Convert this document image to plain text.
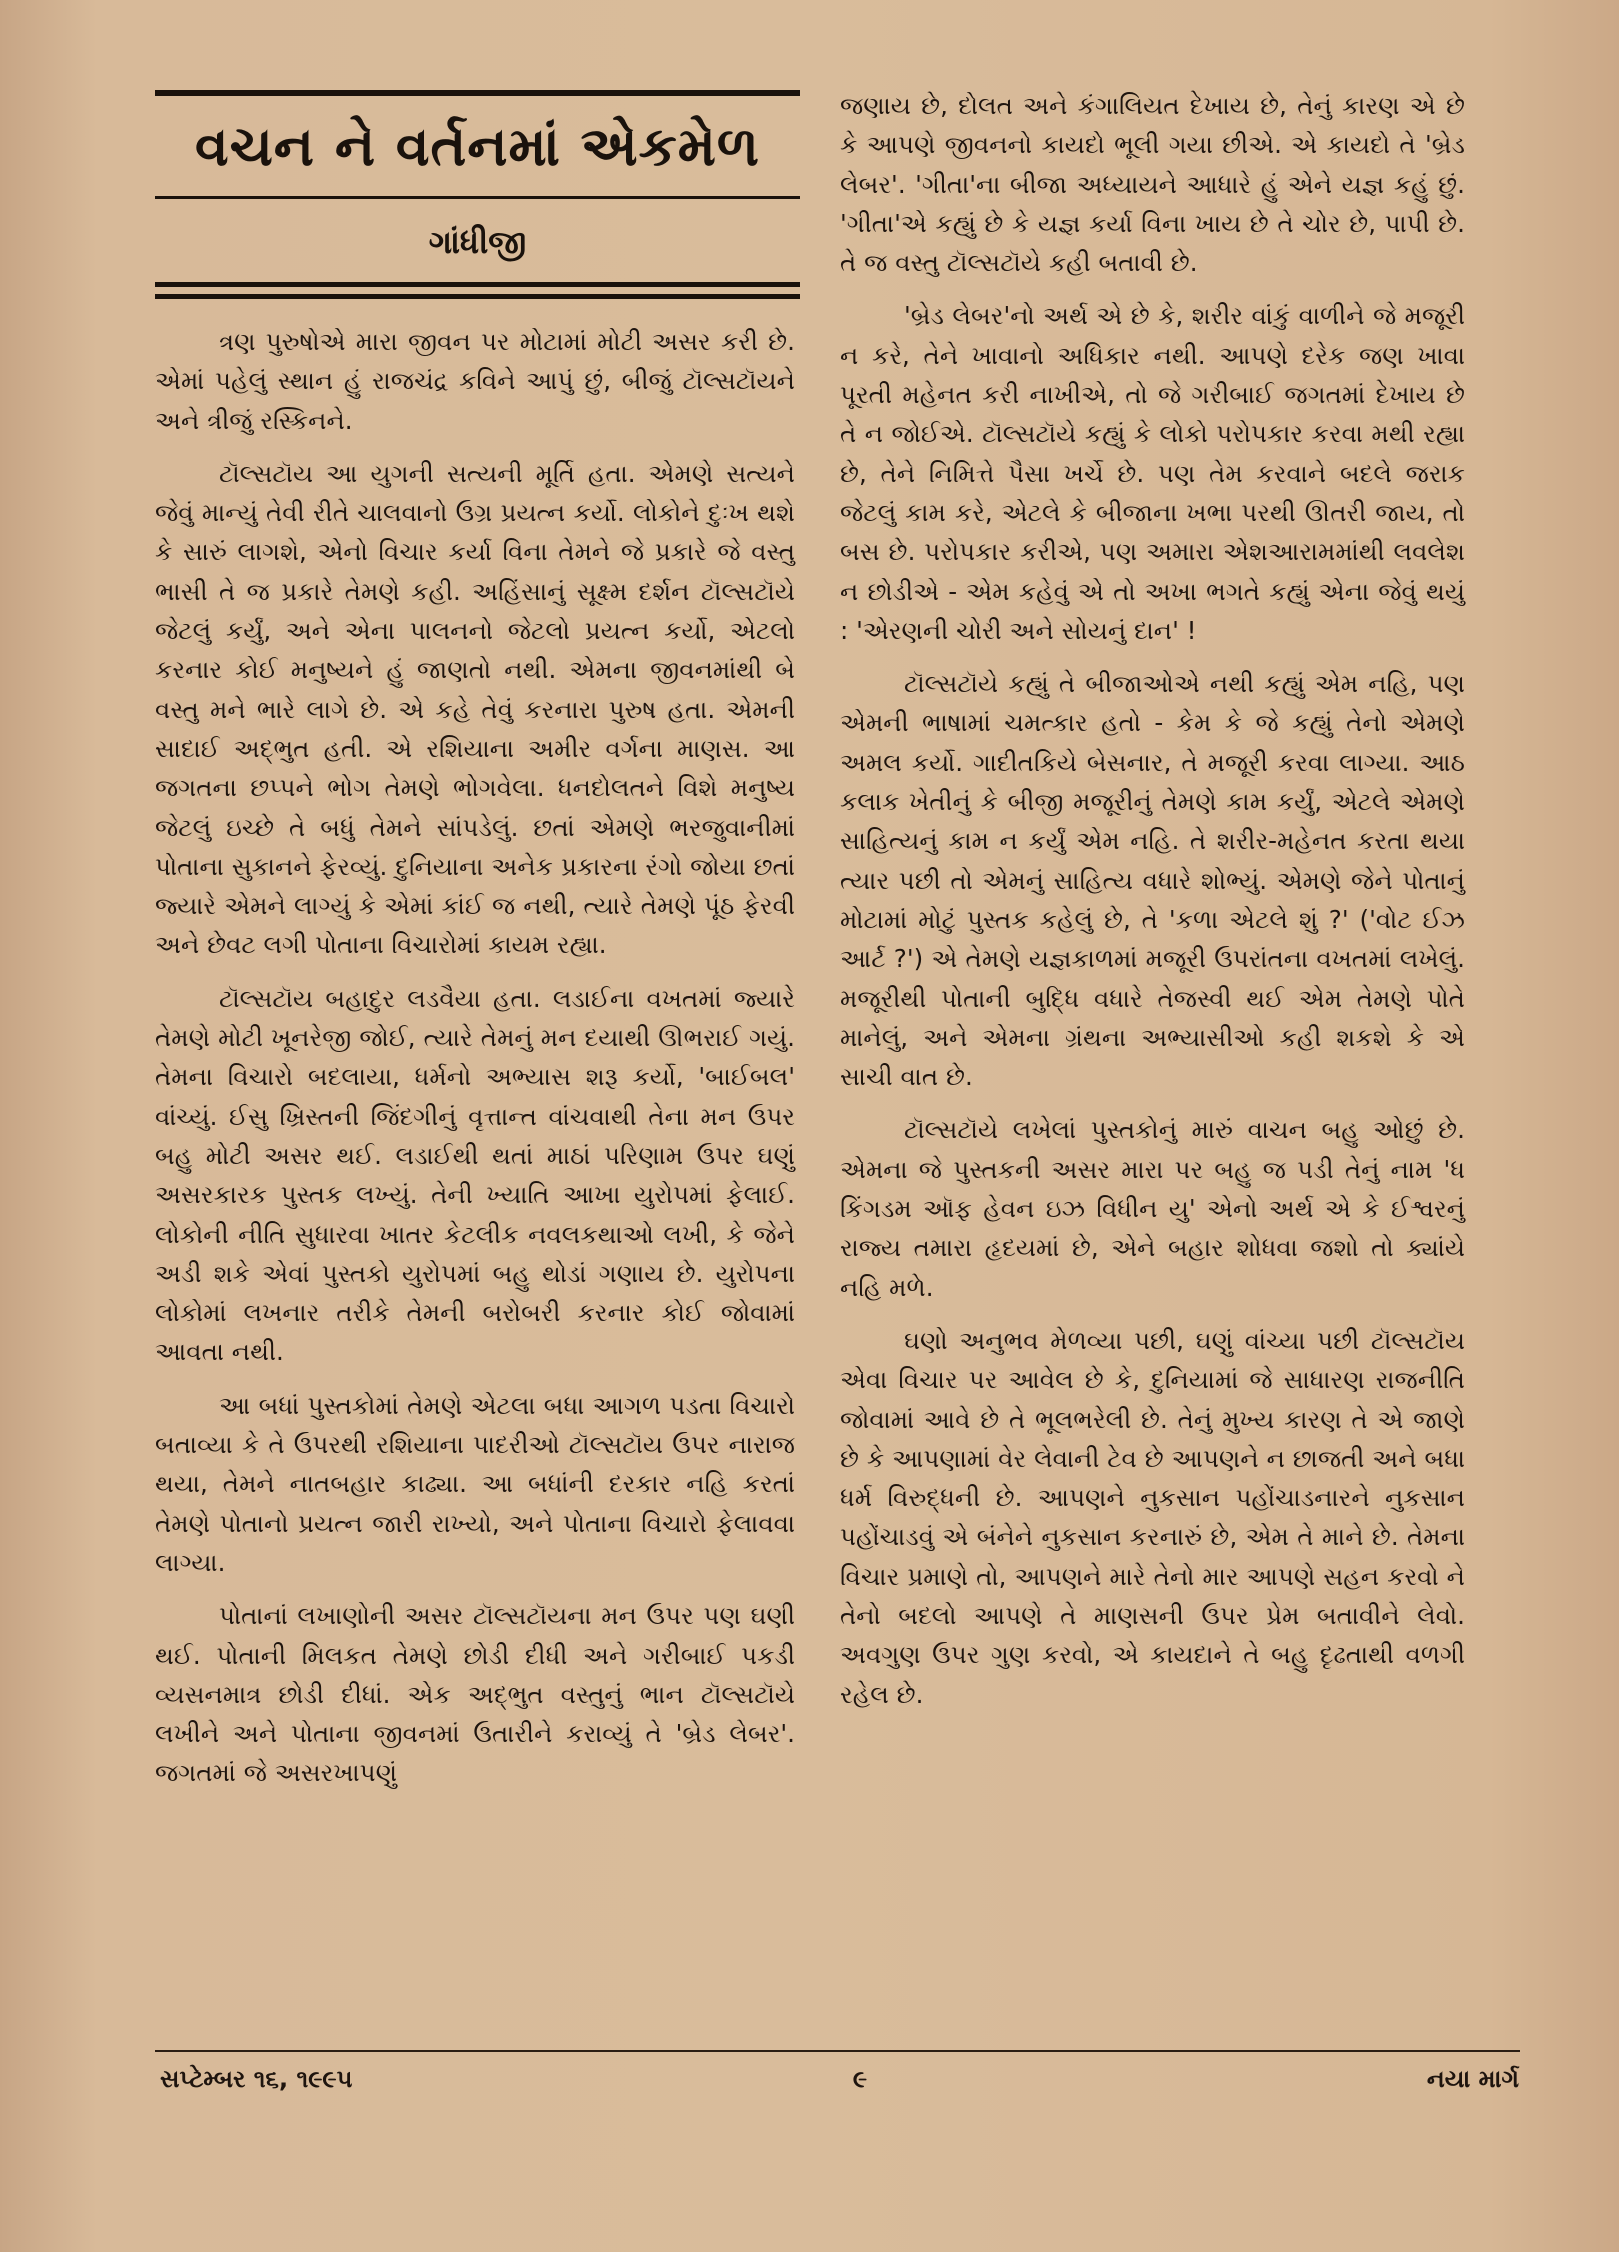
વચન ને વર્તનમાં એકમેળ
ગાંધીજી

ત્રણ પુરુષોએ મારા જીવન પર મોટામાં મોટી અસર કરી છે. એમાં પહેલું સ્થાન હું રાજચંદ્ર કવિને આપું છું, બીજું ટૉલ્સટૉયને અને ત્રીજું રસ્કિનને.

ટૉલ્સટૉય આ યુગની સત્યની મૂર્તિ હતા. એમણે સત્યને જેવું માન્યું તેવી રીતે ચાલવાનો ઉગ્ર પ્રયત્ન કર્યો. લોકોને દુઃખ થશે કે સારું લાગશે, એનો વિચાર કર્યા વિના તેમને જે પ્રકારે જે વસ્તુ ભાસી તે જ પ્રકારે તેમણે કહી. અહિંસાનું સૂક્ષ્મ દર્શન ટૉલ્સટૉયે જેટલું કર્યું, અને એના પાલનનો જેટલો પ્રયત્ન કર્યો, એટલો કરનાર કોઈ મનુષ્યને હું જાણતો નથી. એમના જીવનમાંથી બે વસ્તુ મને ભારે લાગે છે. એ કહે તેવું કરનારા પુરુષ હતા. એમની સાદાઈ અદ્ભુત હતી. એ રશિયાના અમીર વર્ગના માણસ. આ જગતના છપ્પને ભોગ તેમણે ભોગવેલા. ધનદોલતને વિશે મનુષ્ય જેટલું ઇચ્છે તે બધું તેમને સાંપડેલું. છતાં એમણે ભરજુવાનીમાં પોતાના સુકાનને ફેરવ્યું. દુનિયાના અનેક પ્રકારના રંગો જોયા છતાં જ્યારે એમને લાગ્યું કે એમાં કાંઈ જ નથી, ત્યારે તેમણે પૂંઠ ફેરવી અને છેવટ લગી પોતાના વિચારોમાં કાયમ રહ્યા.

ટૉલ્સટૉય બહાદુર લડવૈયા હતા. લડાઈના વખતમાં જ્યારે તેમણે મોટી ખૂનરેજી જોઈ, ત્યારે તેમનું મન દયાથી ઊભરાઈ ગયું. તેમના વિચારો બદલાયા, ધર્મનો અભ્યાસ શરૂ કર્યો, 'બાઈબલ' વાંચ્યું. ઈસુ ખ્રિસ્તની જિંદગીનું વૃત્તાન્ત વાંચવાથી તેના મન ઉપર બહુ મોટી અસર થઈ. લડાઈથી થતાં માઠાં પરિણામ ઉપર ઘણું અસરકારક પુસ્તક લખ્યું. તેની ખ્યાતિ આખા યુરોપમાં ફેલાઈ. લોકોની નીતિ સુધારવા ખાતર કેટલીક નવલકથાઓ લખી, કે જેને અડી શકે એવાં પુસ્તકો યુરોપમાં બહુ થોડાં ગણાય છે. યુરોપના લોકોમાં લખનાર તરીકે તેમની બરોબરી કરનાર કોઈ જોવામાં આવતા નથી.

આ બધાં પુસ્તકોમાં તેમણે એટલા બધા આગળ પડતા વિચારો બતાવ્યા કે તે ઉપરથી રશિયાના પાદરીઓ ટૉલ્સટૉય ઉપર નારાજ થયા, તેમને નાતબહાર કાઢ્યા. આ બધાંની દરકાર નહિ કરતાં તેમણે પોતાનો પ્રયત્ન જારી રાખ્યો, અને પોતાના વિચારો ફેલાવવા લાગ્યા.

પોતાનાં લખાણોની અસર ટૉલ્સટૉયના મન ઉપર પણ ઘણી થઈ. પોતાની મિલકત તેમણે છોડી દીધી અને ગરીબાઈ પકડી વ્યસનમાત્ર છોડી દીધાં. એક અદ્ભુત વસ્તુનું ભાન ટૉલ્સટૉયે લખીને અને પોતાના જીવનમાં ઉતારીને કરાવ્યું તે 'બ્રેડ લેબર'. જગતમાં જે અસરખાપણું

જણાય છે, દોલત અને કંગાલિયત દેખાય છે, તેનું કારણ એ છે કે આપણે જીવનનો કાયદો ભૂલી ગયા છીએ. એ કાયદો તે 'બ્રેડ લેબર'. 'ગીતા'ના બીજા અધ્યાયને આધારે હું એને યજ્ઞ કહું છું. 'ગીતા'એ કહ્યું છે કે યજ્ઞ કર્યા વિના ખાય છે તે ચોર છે, પાપી છે. તે જ વસ્તુ ટૉલ્સટૉયે કહી બતાવી છે.

'બ્રેડ લેબર'નો અર્થ એ છે કે, શરીર વાંકું વાળીને જે મજૂરી ન કરે, તેને ખાવાનો અધિકાર નથી. આપણે દરેક જણ ખાવા પૂરતી મહેનત કરી નાખીએ, તો જે ગરીબાઈ જગતમાં દેખાય છે તે ન જોઈએ. ટૉલ્સટૉયે કહ્યું કે લોકો પરોપકાર કરવા મથી રહ્યા છે, તેને નિમિત્તે પૈસા ખર્ચે છે. પણ તેમ કરવાને બદલે જરાક જેટલું કામ કરે, એટલે કે બીજાના ખભા પરથી ઊતરી જાય, તો બસ છે. પરોપકાર કરીએ, પણ અમારા એશઆરામમાંથી લવલેશ ન છોડીએ - એમ કહેવું એ તો અખા ભગતે કહ્યું એના જેવું થયું : 'એરણની ચોરી અને સોયનું દાન' !

ટૉલ્સટૉયે કહ્યું તે બીજાઓએ નથી કહ્યું એમ નહિ, પણ એમની ભાષામાં ચમત્કાર હતો - કેમ કે જે કહ્યું તેનો એમણે અમલ કર્યો. ગાદીતકિયે બેસનાર, તે મજૂરી કરવા લાગ્યા. આઠ કલાક ખેતીનું કે બીજી મજૂરીનું તેમણે કામ કર્યું, એટલે એમણે સાહિત્યનું કામ ન કર્યું એમ નહિ. તે શરીર-મહેનત કરતા થયા ત્યાર પછી તો એમનું સાહિત્ય વધારે શોભ્યું. એમણે જેને પોતાનું મોટામાં મોટું પુસ્તક કહેલું છે, તે 'કળા એટલે શું ?' ('વોટ ઈઝ આર્ટ ?') એ તેમણે યજ્ઞકાળમાં મજૂરી ઉપરાંતના વખતમાં લખેલું. મજૂરીથી પોતાની બુદ્ધિ વધારે તેજસ્વી થઈ એમ તેમણે પોતે માનેલું, અને એમના ગ્રંથના અભ્યાસીઓ કહી શકશે કે એ સાચી વાત છે.

ટૉલ્સટૉયે લખેલાં પુસ્તકોનું મારું વાચન બહુ ઓછું છે. એમના જે પુસ્તકની અસર મારા પર બહુ જ પડી તેનું નામ 'ધ કિંગડમ ઑફ હેવન ઇઝ વિધીન યુ' એનો અર્થ એ કે ઈશ્વરનું રાજ્ય તમારા હૃદયમાં છે, એને બહાર શોધવા જશો તો ક્યાંયે નહિ મળે.

ઘણો અનુભવ મેળવ્યા પછી, ઘણું વાંચ્યા પછી ટૉલ્સટૉય એવા વિચાર પર આવેલ છે કે, દુનિયામાં જે સાધારણ રાજનીતિ જોવામાં આવે છે તે ભૂલભરેલી છે. તેનું મુખ્ય કારણ તે એ જાણે છે કે આપણામાં વેર લેવાની ટેવ છે આપણને ન છાજતી અને બધા ધર્મ વિરુદ્ધની છે. આપણને નુકસાન પહોંચાડનારને નુકસાન પહોંચાડવું એ બંનેને નુકસાન કરનારું છે, એમ તે માને છે. તેમના વિચાર પ્રમાણે તો, આપણને મારે તેનો માર આપણે સહન કરવો ને તેનો બદલો આપણે તે માણસની ઉપર પ્રેમ બતાવીને લેવો. અવગુણ ઉપર ગુણ કરવો, એ કાયદાને તે બહુ દૃઢતાથી વળગી રહેલ છે.

સપ્ટેમ્બર ૧૬, ૧૯૯૫	૯	નયા માર્ગ
